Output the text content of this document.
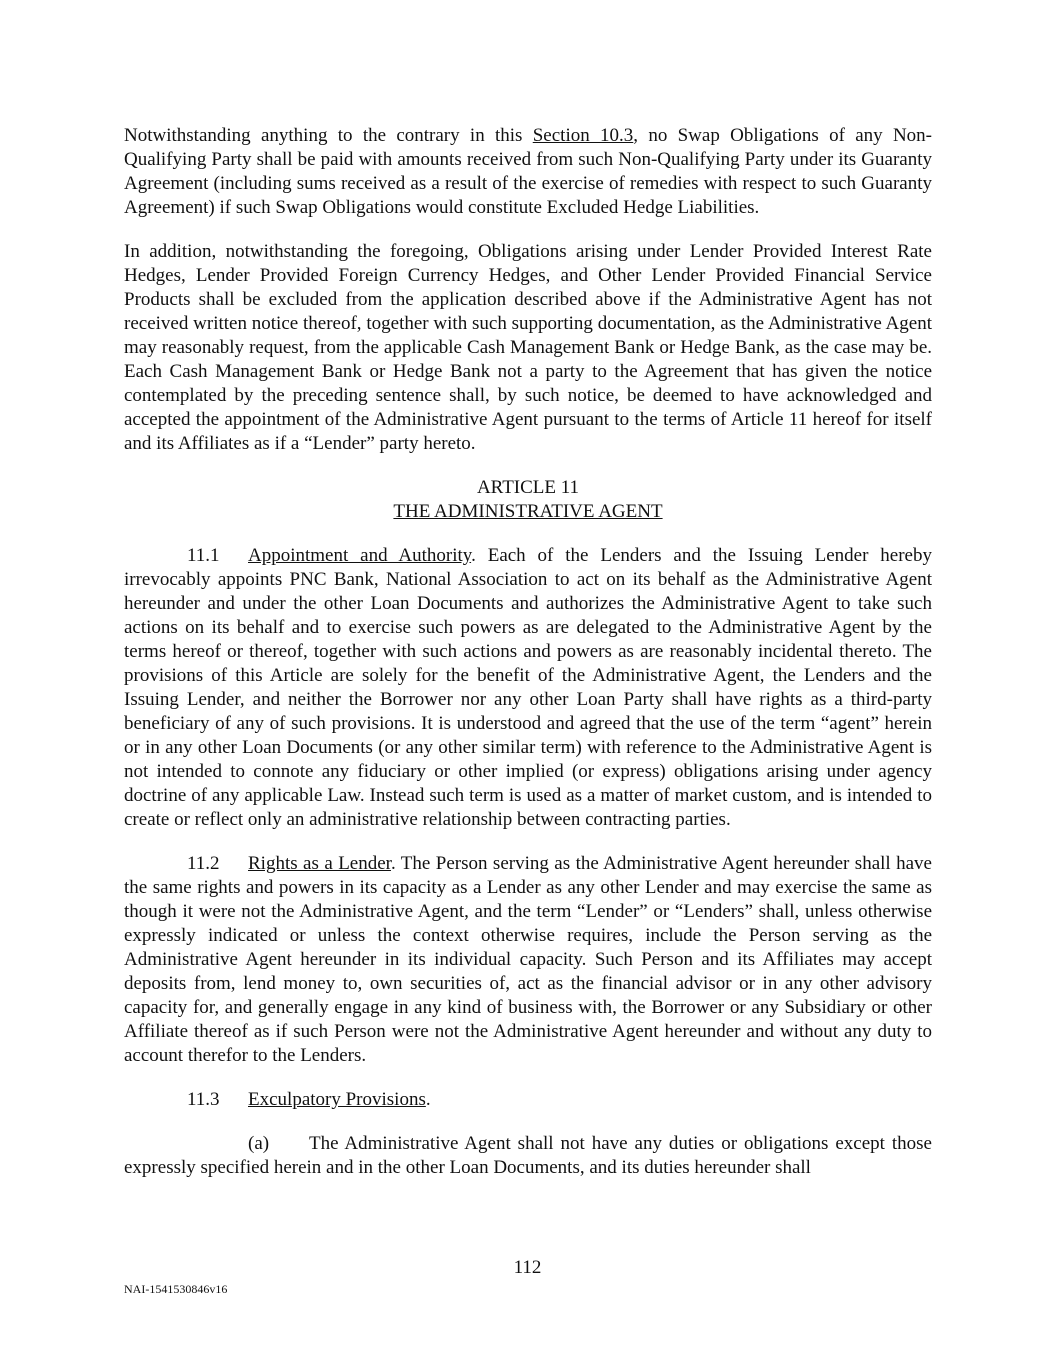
Notwithstanding anything to the contrary in this Section 10.3, no Swap Obligations of any Non-Qualifying Party shall be paid with amounts received from such Non-Qualifying Party under its Guaranty Agreement (including sums received as a result of the exercise of remedies with respect to such Guaranty Agreement) if such Swap Obligations would constitute Excluded Hedge Liabilities.

In addition, notwithstanding the foregoing, Obligations arising under Lender Provided Interest Rate Hedges, Lender Provided Foreign Currency Hedges, and Other Lender Provided Financial Service Products shall be excluded from the application described above if the Administrative Agent has not received written notice thereof, together with such supporting documentation, as the Administrative Agent may reasonably request, from the applicable Cash Management Bank or Hedge Bank, as the case may be. Each Cash Management Bank or Hedge Bank not a party to the Agreement that has given the notice contemplated by the preceding sentence shall, by such notice, be deemed to have acknowledged and accepted the appointment of the Administrative Agent pursuant to the terms of Article 11 hereof for itself and its Affiliates as if a “Lender” party hereto.

ARTICLE 11
THE ADMINISTRATIVE AGENT

11.1 Appointment and Authority. Each of the Lenders and the Issuing Lender hereby irrevocably appoints PNC Bank, National Association to act on its behalf as the Administrative Agent hereunder and under the other Loan Documents and authorizes the Administrative Agent to take such actions on its behalf and to exercise such powers as are delegated to the Administrative Agent by the terms hereof or thereof, together with such actions and powers as are reasonably incidental thereto. The provisions of this Article are solely for the benefit of the Administrative Agent, the Lenders and the Issuing Lender, and neither the Borrower nor any other Loan Party shall have rights as a third-party beneficiary of any of such provisions. It is understood and agreed that the use of the term “agent” herein or in any other Loan Documents (or any other similar term) with reference to the Administrative Agent is not intended to connote any fiduciary or other implied (or express) obligations arising under agency doctrine of any applicable Law. Instead such term is used as a matter of market custom, and is intended to create or reflect only an administrative relationship between contracting parties.

11.2 Rights as a Lender. The Person serving as the Administrative Agent hereunder shall have the same rights and powers in its capacity as a Lender as any other Lender and may exercise the same as though it were not the Administrative Agent, and the term “Lender” or “Lenders” shall, unless otherwise expressly indicated or unless the context otherwise requires, include the Person serving as the Administrative Agent hereunder in its individual capacity. Such Person and its Affiliates may accept deposits from, lend money to, own securities of, act as the financial advisor or in any other advisory capacity for, and generally engage in any kind of business with, the Borrower or any Subsidiary or other Affiliate thereof as if such Person were not the Administrative Agent hereunder and without any duty to account therefor to the Lenders.

11.3 Exculpatory Provisions.

(a) The Administrative Agent shall not have any duties or obligations except those expressly specified herein and in the other Loan Documents, and its duties hereunder shall

112
NAI-1541530846v16
